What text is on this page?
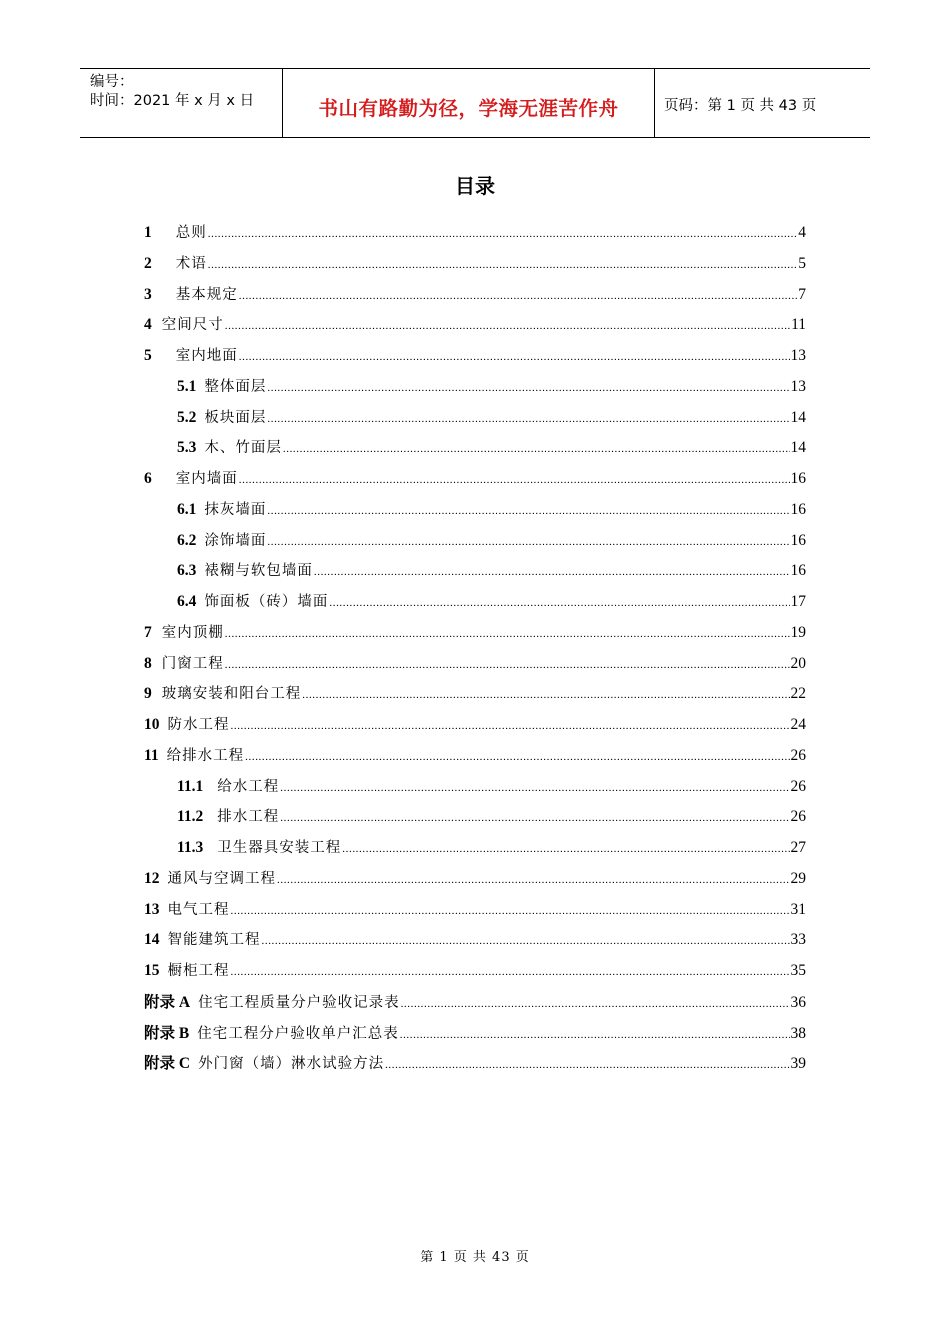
编号：
时间：2021 年 x 月 x 日	书山有路勤为径，学海无涯苦作舟	页码：第 1 页 共 43 页
目录
1 总则 .....	4
2 术语 .....	5
3 基本规定 .....	7
4 空间尺寸 .....	11
5 室内地面 .....	13
5.1 整体面层 .....	13
5.2 板块面层 .....	14
5.3 木、竹面层 .....	14
6 室内墙面 .....	16
6.1 抹灰墙面 .....	16
6.2 涂饰墙面 .....	16
6.3 裱糊与软包墙面 .....	16
6.4 饰面板（砖）墙面 .....	17
7 室内顶棚 .....	19
8 门窗工程 .....	20
9 玻璃安装和阳台工程 .....	22
10 防水工程 .....	24
11 给排水工程 .....	26
11.1 给水工程 .....	26
11.2 排水工程 .....	26
11.3 卫生器具安装工程 .....	27
12 通风与空调工程 .....	29
13 电气工程 .....	31
14 智能建筑工程 .....	33
15 橱柜工程 .....	35
附录 A 住宅工程质量分户验收记录表 .....	36
附录 B 住宅工程分户验收单户汇总表 .....	38
附录 C 外门窗（墙）淋水试验方法 .....	39
第 1 页 共 43 页
